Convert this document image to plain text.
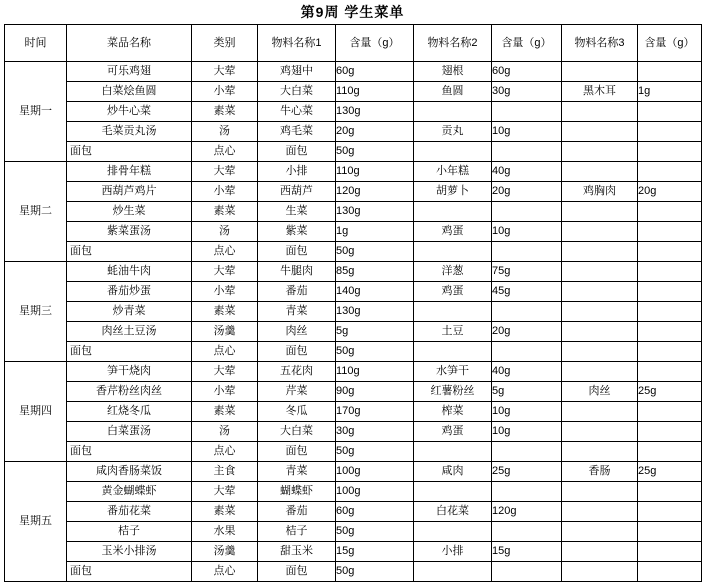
第9周 学生菜单
时间	菜品名称	类别	物料名称1	含量（g）	物料名称2	含量（g）	物料名称3	含量（g）
星期一	可乐鸡翅	大荤	鸡翅中	60g	翅根	60g		
	白菜烩鱼圆	小荤	大白菜	110g	鱼圆	30g	黑木耳	1g
	炒牛心菜	素菜	牛心菜	130g				
	毛菜贡丸汤	汤	鸡毛菜	20g	贡丸	10g		
	面包	点心	面包	50g				
星期二	排骨年糕	大荤	小排	110g	小年糕	40g		
	西葫芦鸡片	小荤	西葫芦	120g	胡萝卜	20g	鸡胸肉	20g
	炒生菜	素菜	生菜	130g				
	紫菜蛋汤	汤	紫菜	1g	鸡蛋	10g		
	面包	点心	面包	50g				
星期三	蚝油牛肉	大荤	牛腿肉	85g	洋葱	75g		
	番茄炒蛋	小荤	番茄	140g	鸡蛋	45g		
	炒青菜	素菜	青菜	130g				
	肉丝土豆汤	汤羹	肉丝	5g	土豆	20g		
	面包	点心	面包	50g				
星期四	笋干烧肉	大荤	五花肉	110g	水笋干	40g		
	香芹粉丝肉丝	小荤	芹菜	90g	红薯粉丝	5g	肉丝	25g
	红烧冬瓜	素菜	冬瓜	170g	榨菜	10g		
	白菜蛋汤	汤	大白菜	30g	鸡蛋	10g		
	面包	点心	面包	50g				
星期五	咸肉香肠菜饭	主食	青菜	100g	咸肉	25g	香肠	25g
	黄金蝴蝶虾	大荤	蝴蝶虾	100g				
	番茄花菜	素菜	番茄	60g	白花菜	120g		
	桔子	水果	桔子	50g				
	玉米小排汤	汤羹	甜玉米	15g	小排	15g		
	面包	点心	面包	50g				
